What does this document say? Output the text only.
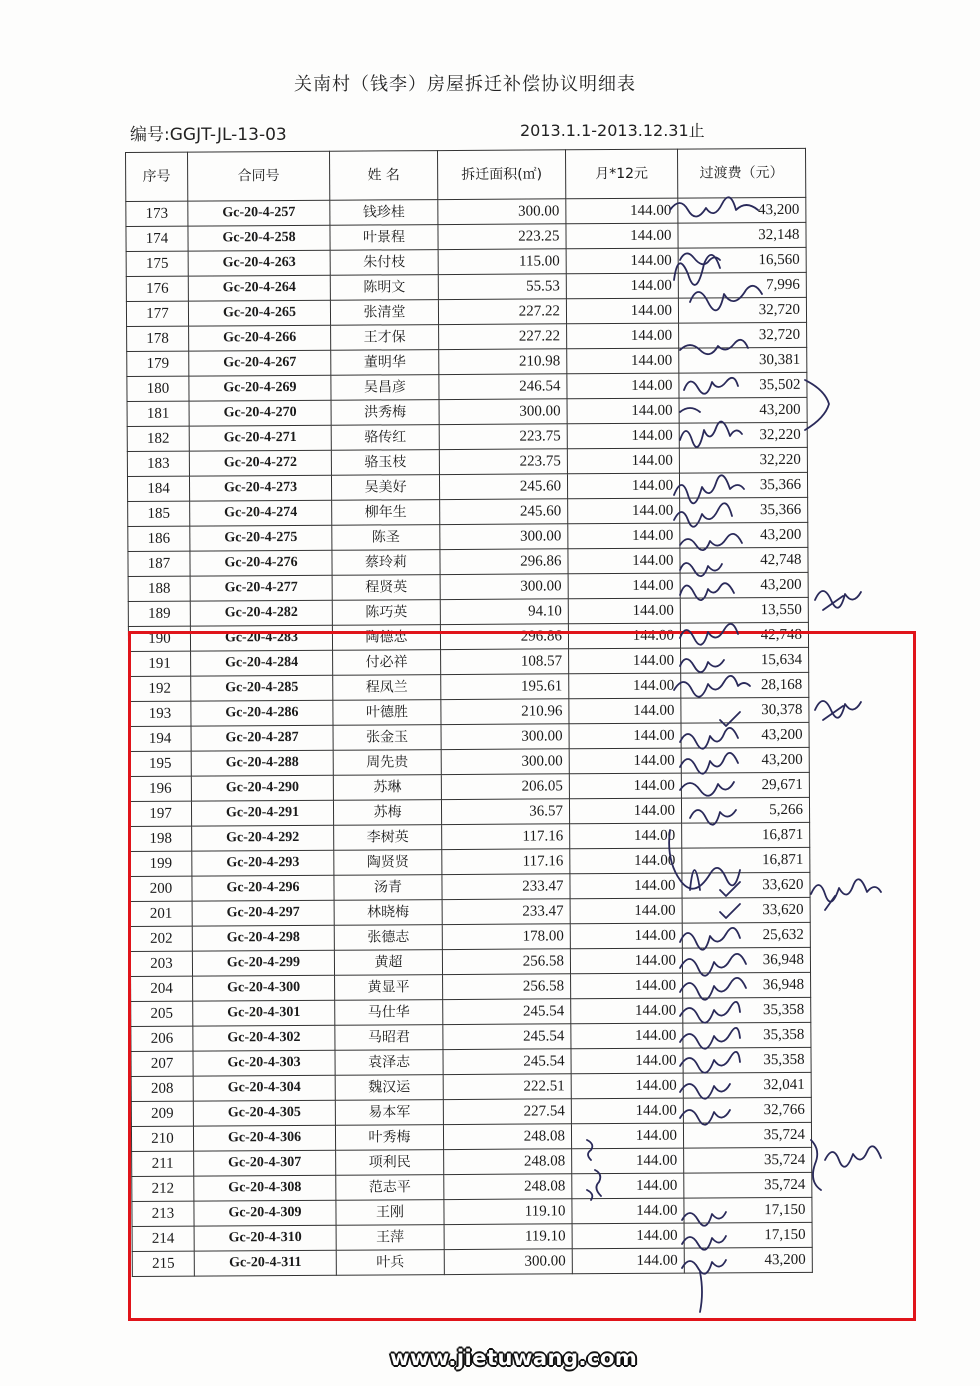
关南村（钱李）房屋拆迁补偿协议明细表
编号:GGJT-JL-13-03	2013.1.1-2013.12.31止
序号	合同号	姓 名	拆迁面积(㎡)	月*12元	过渡费（元）
173	Gc-20-4-257	钱珍桂	300.00	144.00	43,200
174	Gc-20-4-258	叶景程	223.25	144.00	32,148
175	Gc-20-4-263	朱付枝	115.00	144.00	16,560
176	Gc-20-4-264	陈明文	55.53	144.00	7,996
177	Gc-20-4-265	张清堂	227.22	144.00	32,720
178	Gc-20-4-266	王才保	227.22	144.00	32,720
179	Gc-20-4-267	董明华	210.98	144.00	30,381
180	Gc-20-4-269	吴昌彦	246.54	144.00	35,502
181	Gc-20-4-270	洪秀梅	300.00	144.00	43,200
182	Gc-20-4-271	骆传红	223.75	144.00	32,220
183	Gc-20-4-272	骆玉枝	223.75	144.00	32,220
184	Gc-20-4-273	吴美好	245.60	144.00	35,366
185	Gc-20-4-274	柳年生	245.60	144.00	35,366
186	Gc-20-4-275	陈圣	300.00	144.00	43,200
187	Gc-20-4-276	蔡玲莉	296.86	144.00	42,748
188	Gc-20-4-277	程贤英	300.00	144.00	43,200
189	Gc-20-4-282	陈巧英	94.10	144.00	13,550
190	Gc-20-4-283	陶德忠	296.86	144.00	42,748
191	Gc-20-4-284	付必祥	108.57	144.00	15,634
192	Gc-20-4-285	程凤兰	195.61	144.00	28,168
193	Gc-20-4-286	叶德胜	210.96	144.00	30,378
194	Gc-20-4-287	张金玉	300.00	144.00	43,200
195	Gc-20-4-288	周先贵	300.00	144.00	43,200
196	Gc-20-4-290	苏琳	206.05	144.00	29,671
197	Gc-20-4-291	苏梅	36.57	144.00	5,266
198	Gc-20-4-292	李树英	117.16	144.00	16,871
199	Gc-20-4-293	陶贤贤	117.16	144.00	16,871
200	Gc-20-4-296	汤青	233.47	144.00	33,620
201	Gc-20-4-297	林晓梅	233.47	144.00	33,620
202	Gc-20-4-298	张德志	178.00	144.00	25,632
203	Gc-20-4-299	黄超	256.58	144.00	36,948
204	Gc-20-4-300	黄显平	256.58	144.00	36,948
205	Gc-20-4-301	马仕华	245.54	144.00	35,358
206	Gc-20-4-302	马昭君	245.54	144.00	35,358
207	Gc-20-4-303	袁泽志	245.54	144.00	35,358
208	Gc-20-4-304	魏汉运	222.51	144.00	32,041
209	Gc-20-4-305	易本军	227.54	144.00	32,766
210	Gc-20-4-306	叶秀梅	248.08	144.00	35,724
211	Gc-20-4-307	项利民	248.08	144.00	35,724
212	Gc-20-4-308	范志平	248.08	144.00	35,724
213	Gc-20-4-309	王刚	119.10	144.00	17,150
214	Gc-20-4-310	王萍	119.10	144.00	17,150
215	Gc-20-4-311	叶兵	300.00	144.00	43,200
www.jietuwang.com
